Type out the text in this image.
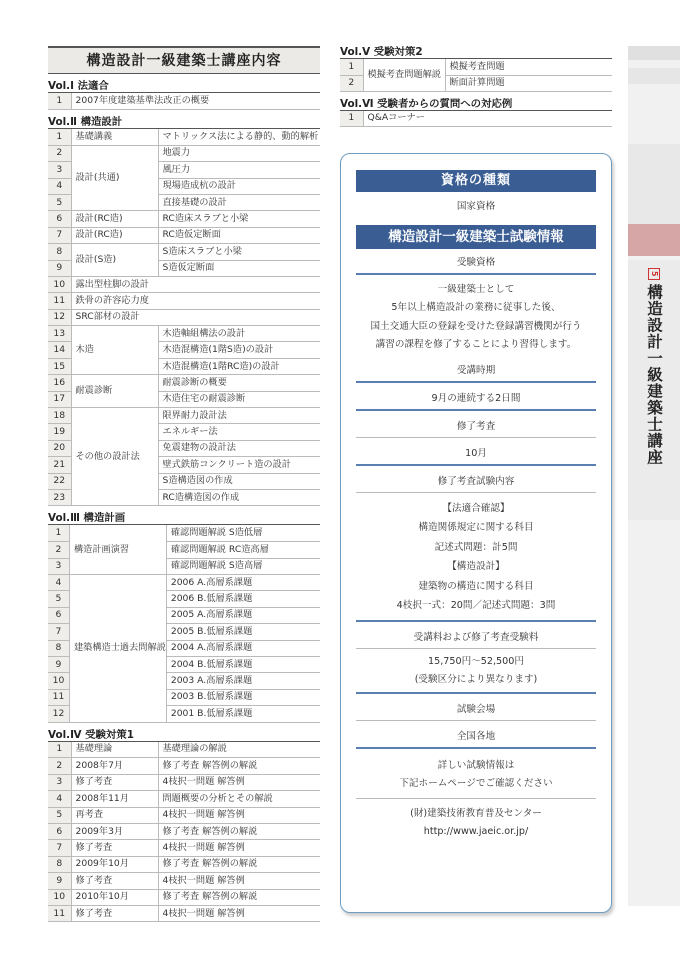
構造設計一級建築士講座内容
Vol.Ⅰ 法適合
1	2007年度建築基準法改正の概要
Vol.Ⅱ 構造設計
1	基礎講義	マトリックス法による静的、動的解析
2	設計(共通)	地震力
3		風圧力
4		現場造成杭の設計
5		直接基礎の設計
6	設計(RC造)	RC造床スラブと小梁
7	設計(RC造)	RC造仮定断面
8	設計(S造)	S造床スラブと小梁
9		S造仮定断面
10	露出型柱脚の設計	
11	鉄骨の許容応力度	
12	SRC部材の設計	
13	木造	木造軸組構法の設計
14		木造混構造(1階S造)の設計
15		木造混構造(1階RC造)の設計
16	耐震診断	耐震診断の概要
17		木造住宅の耐震診断
18	その他の設計法	限界耐力設計法
19		エネルギー法
20		免震建物の設計法
21		壁式鉄筋コンクリート造の設計
22		S造構造図の作成
23		RC造構造図の作成
Vol.Ⅲ 構造計画
1	構造計画演習	確認問題解説 S造低層
2		確認問題解説 RC造高層
3		確認問題解説 S造高層
4	建築構造士過去問解説	2006 A.高層系課題
5		2006 B.低層系課題
6		2005 A.高層系課題
7		2005 B.低層系課題
8		2004 A.高層系課題
9		2004 B.低層系課題
10		2003 A.高層系課題
11		2003 B.低層系課題
12		2001 B.低層系課題
Vol.Ⅳ 受験対策1
1	基礎理論	基礎理論の解説
2	2008年7月	修了考査 解答例の解説
3	修了考査	4枝択一問題 解答例
4	2008年11月	問題概要の分析とその解説
5	再考査	4枝択一問題 解答例
6	2009年3月	修了考査 解答例の解説
7	修了考査	4枝択一問題 解答例
8	2009年10月	修了考査 解答例の解説
9	修了考査	4枝択一問題 解答例
10	2010年10月	修了考査 解答例の解説
11	修了考査	4枝択一問題 解答例
Vol.Ⅴ 受験対策2
1	模擬考査問題解説	模擬考査問題
2		断面計算問題
Vol.Ⅵ 受験者からの質問への対応例
1	Q&Aコーナー
資格の種類
国家資格
構造設計一級建築士試験情報
受験資格
一級建築士として
5年以上構造設計の業務に従事した後、
国土交通大臣の登録を受けた登録講習機関が行う
講習の課程を修了することにより習得します。
受講時期
9月の連続する2日間
修了考査
10月
修了考査試験内容
【法適合確認】
構造関係規定に関する科目
記述式問題：計5問
【構造設計】
建築物の構造に関する科目
4枝択一式：20問／記述式問題：3問
受講料および修了考査受験料
15,750円〜52,500円
(受験区分により異なります)
試験会場
全国各地
詳しい試験情報は
下記ホームページでご確認ください
(財)建築技術教育普及センター
http://www.jaeic.or.jp/
5構造設計一級建築士講座
